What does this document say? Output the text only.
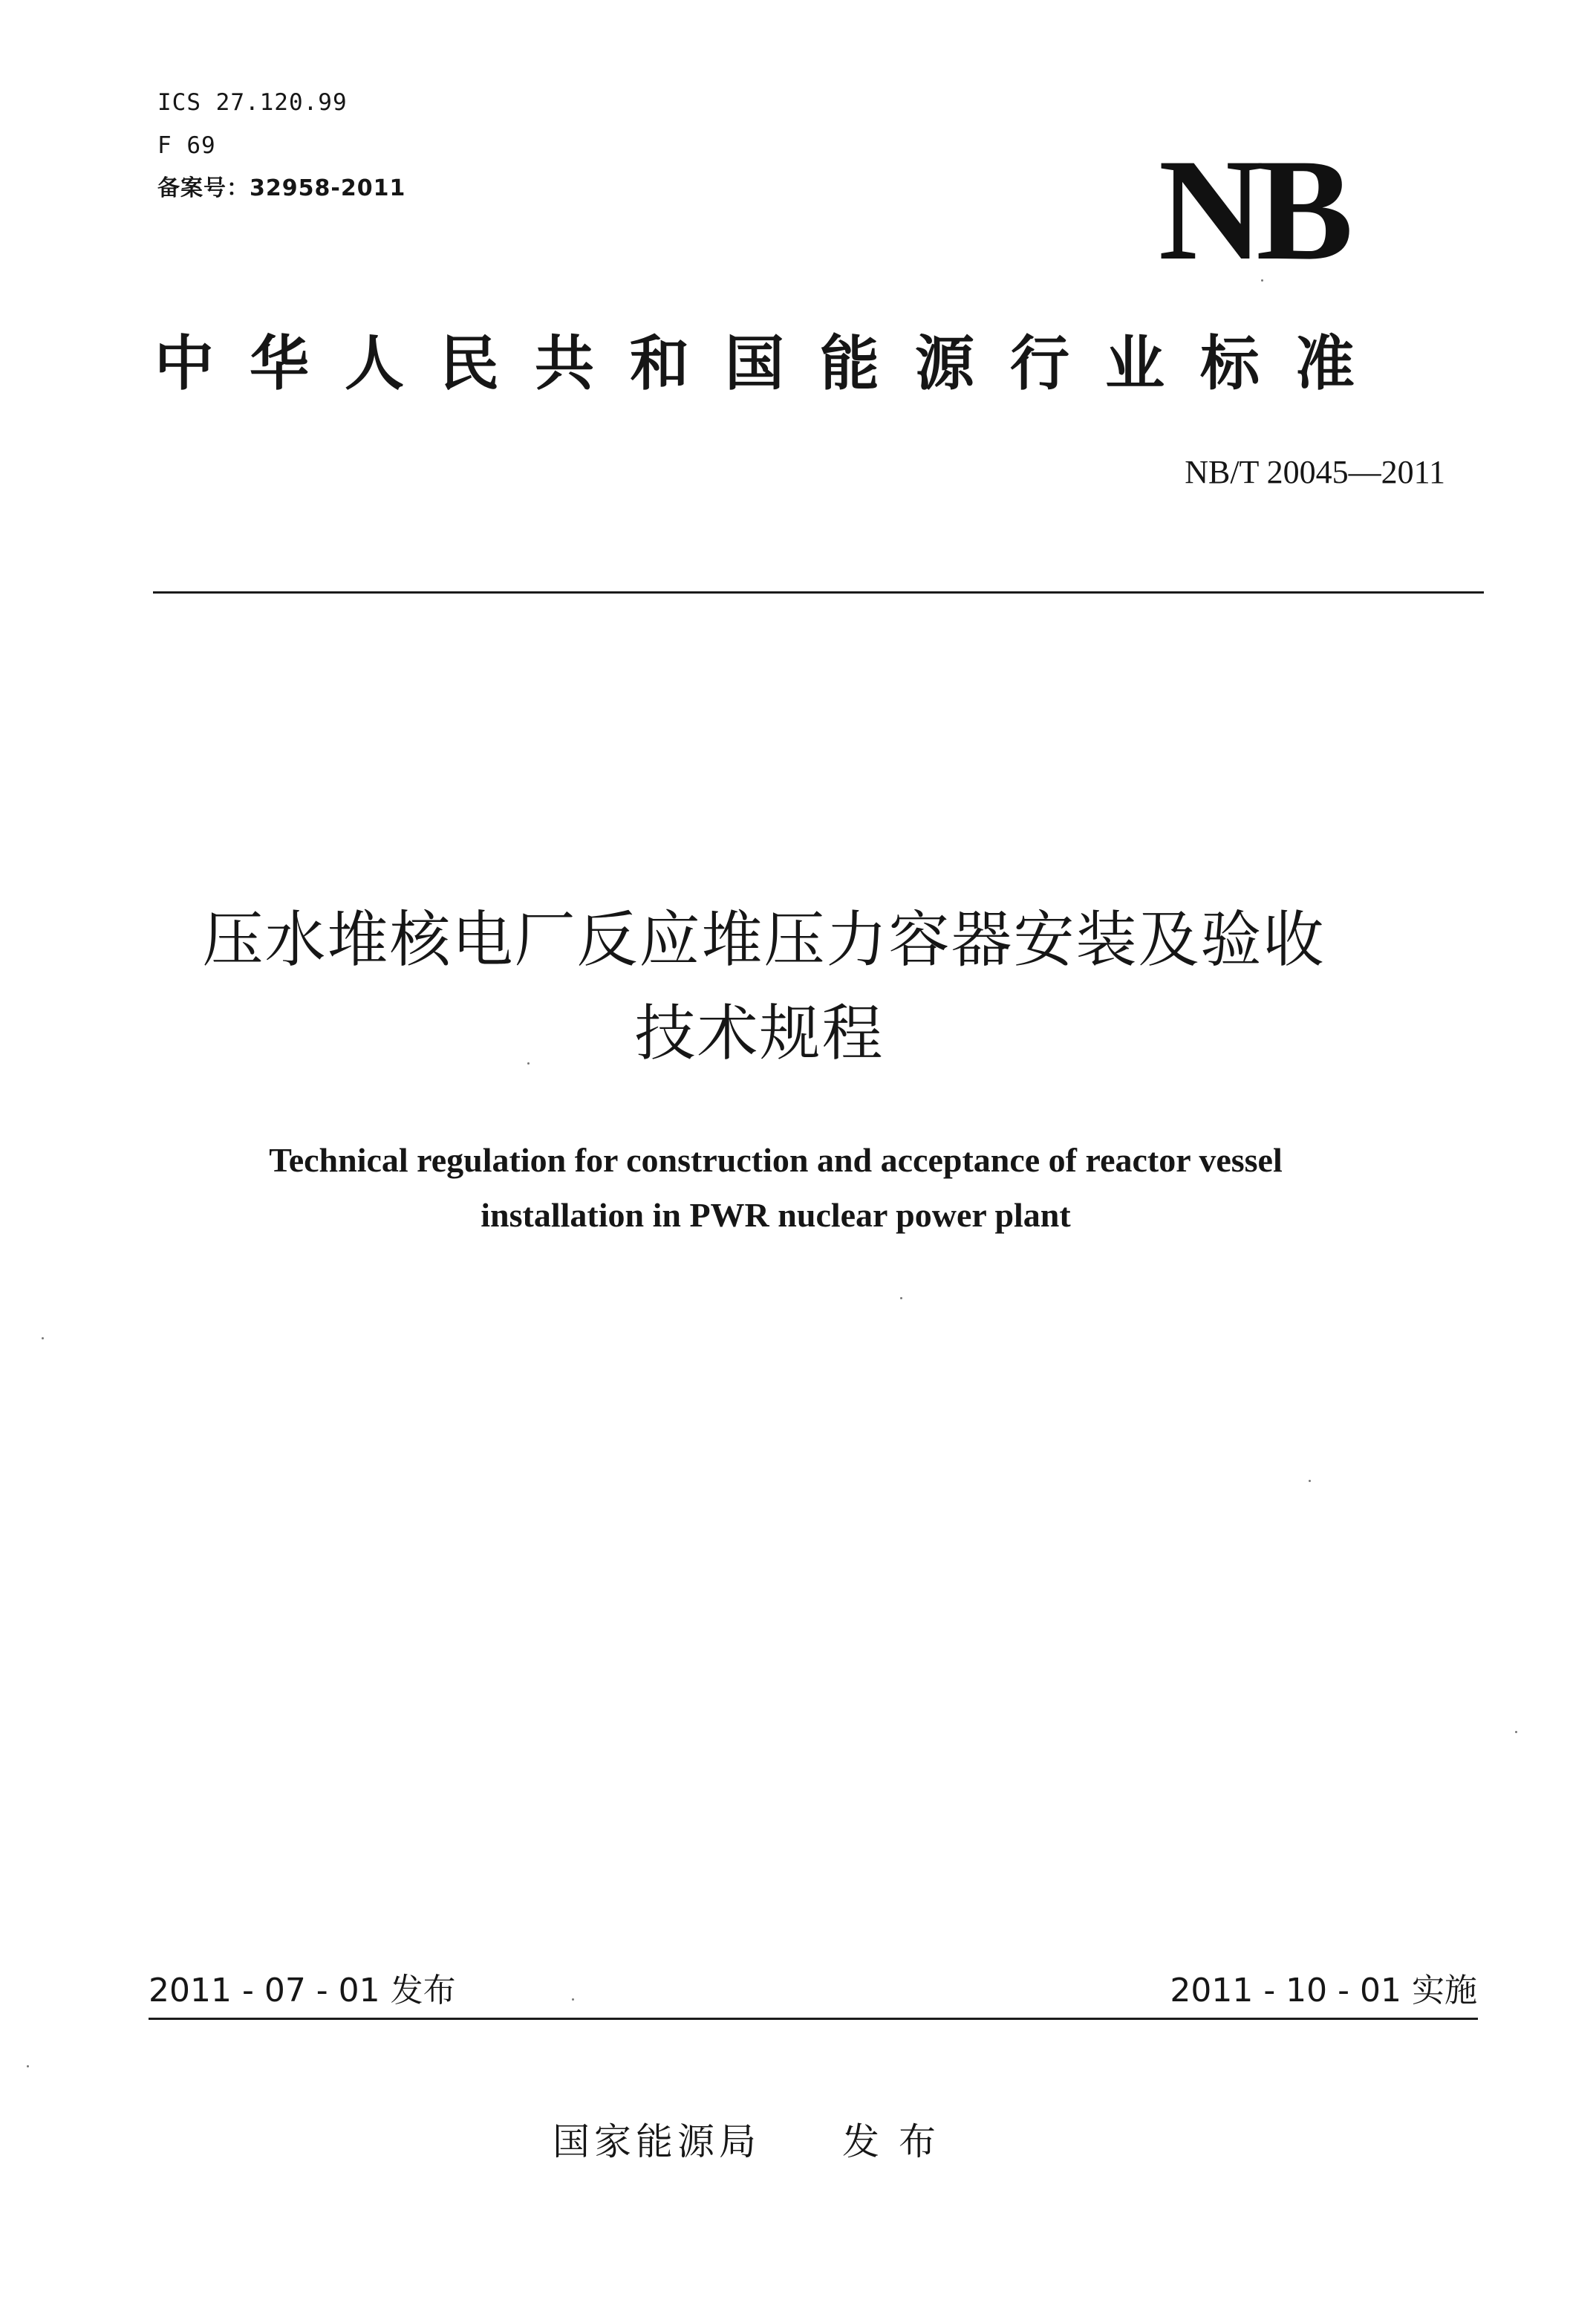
ICS 27.120.99
F 69
备案号：32958-2011	NB
中华人民共和国能源行业标准
NB/T 20045—2011
压水堆核电厂反应堆压力容器安装及验收
技术规程
Technical regulation for construction and acceptance of reactor vessel
installation in PWR nuclear power plant
2011 - 07 - 01 发布	2011 - 10 - 01 实施
国家能源局 发布
